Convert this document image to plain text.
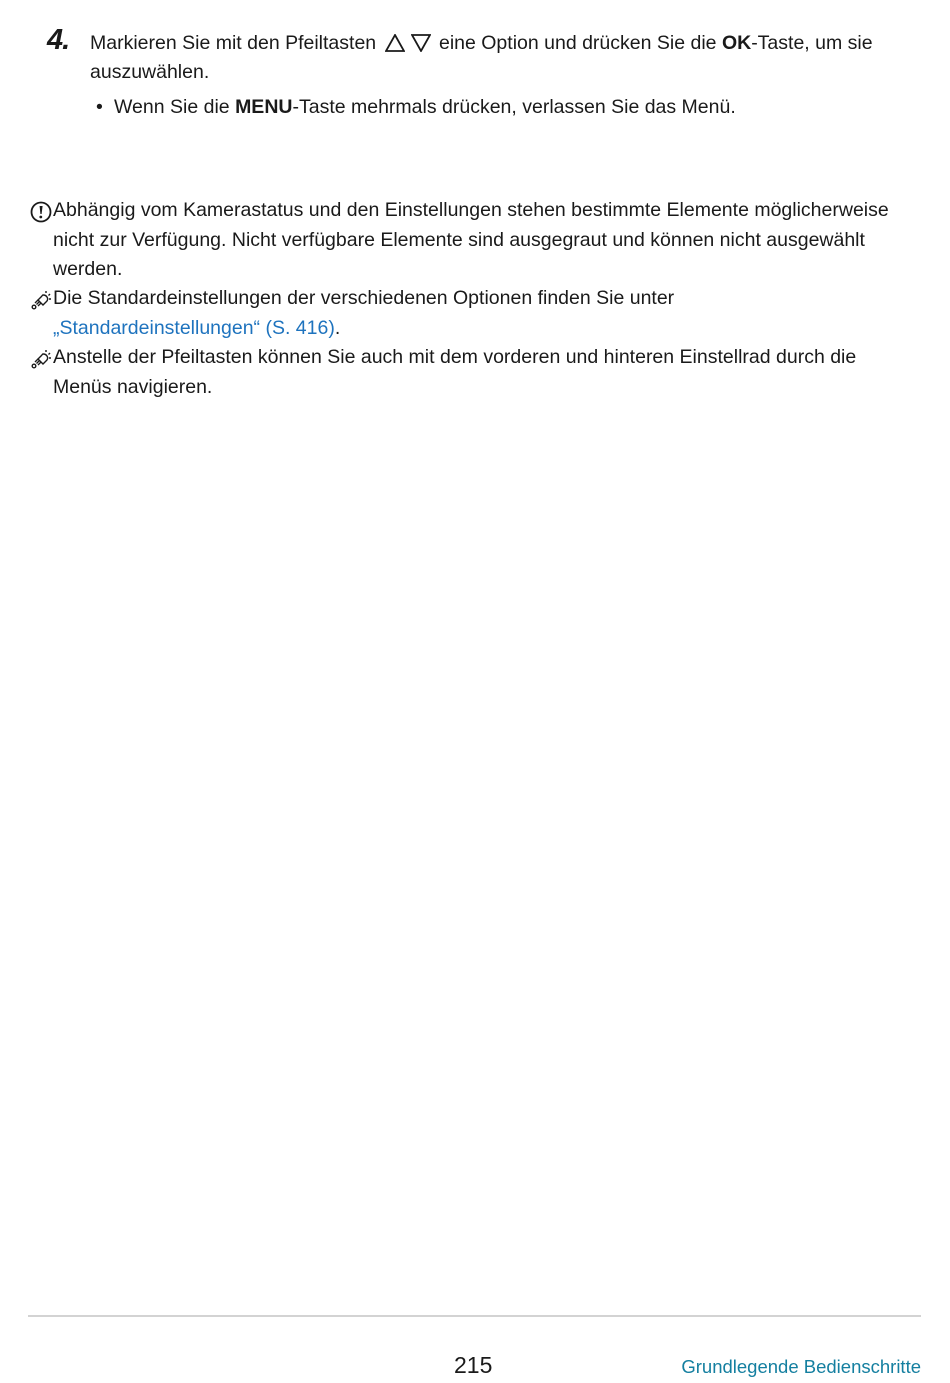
4. Markieren Sie mit den Pfeiltasten	eine Option und drücken Sie die OK-Taste, um sie auszuwählen.
• Wenn Sie die MENU-Taste mehrmals drücken, verlassen Sie das Menü.
Abhängig vom Kamerastatus und den Einstellungen stehen bestimmte Elemente möglicherweise nicht zur Verfügung. Nicht verfügbare Elemente sind ausgegraut und können nicht ausgewählt werden.
Die Standardeinstellungen der verschiedenen Optionen finden Sie unter
„Standardeinstellungen“ (S. 416).
Anstelle der Pfeiltasten können Sie auch mit dem vorderen und hinteren Einstellrad durch die Menüs navigieren.
215	Grundlegende Bedienschritte
